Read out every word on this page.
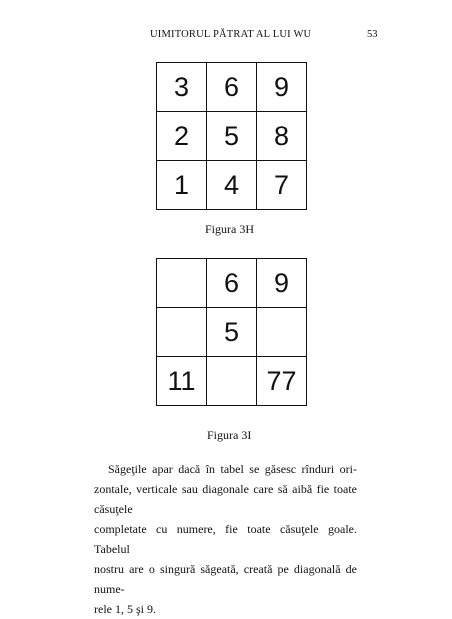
UIMITORUL PĂTRAT AL LUI WU	53
3	6	9
2	5	8
1	4	7
Figura 3H
	6	9
	5	
11		77
Figura 3I
Săgeţile apar dacă în tabel se găsesc rînduri ori-
zontale, verticale sau diagonale care să aibă fie toate căsuţele
completate cu numere, fie toate căsuţele goale. Tabelul
nostru are o singură săgeată, creată pe diagonală de nume-
rele 1, 5 şi 9.
